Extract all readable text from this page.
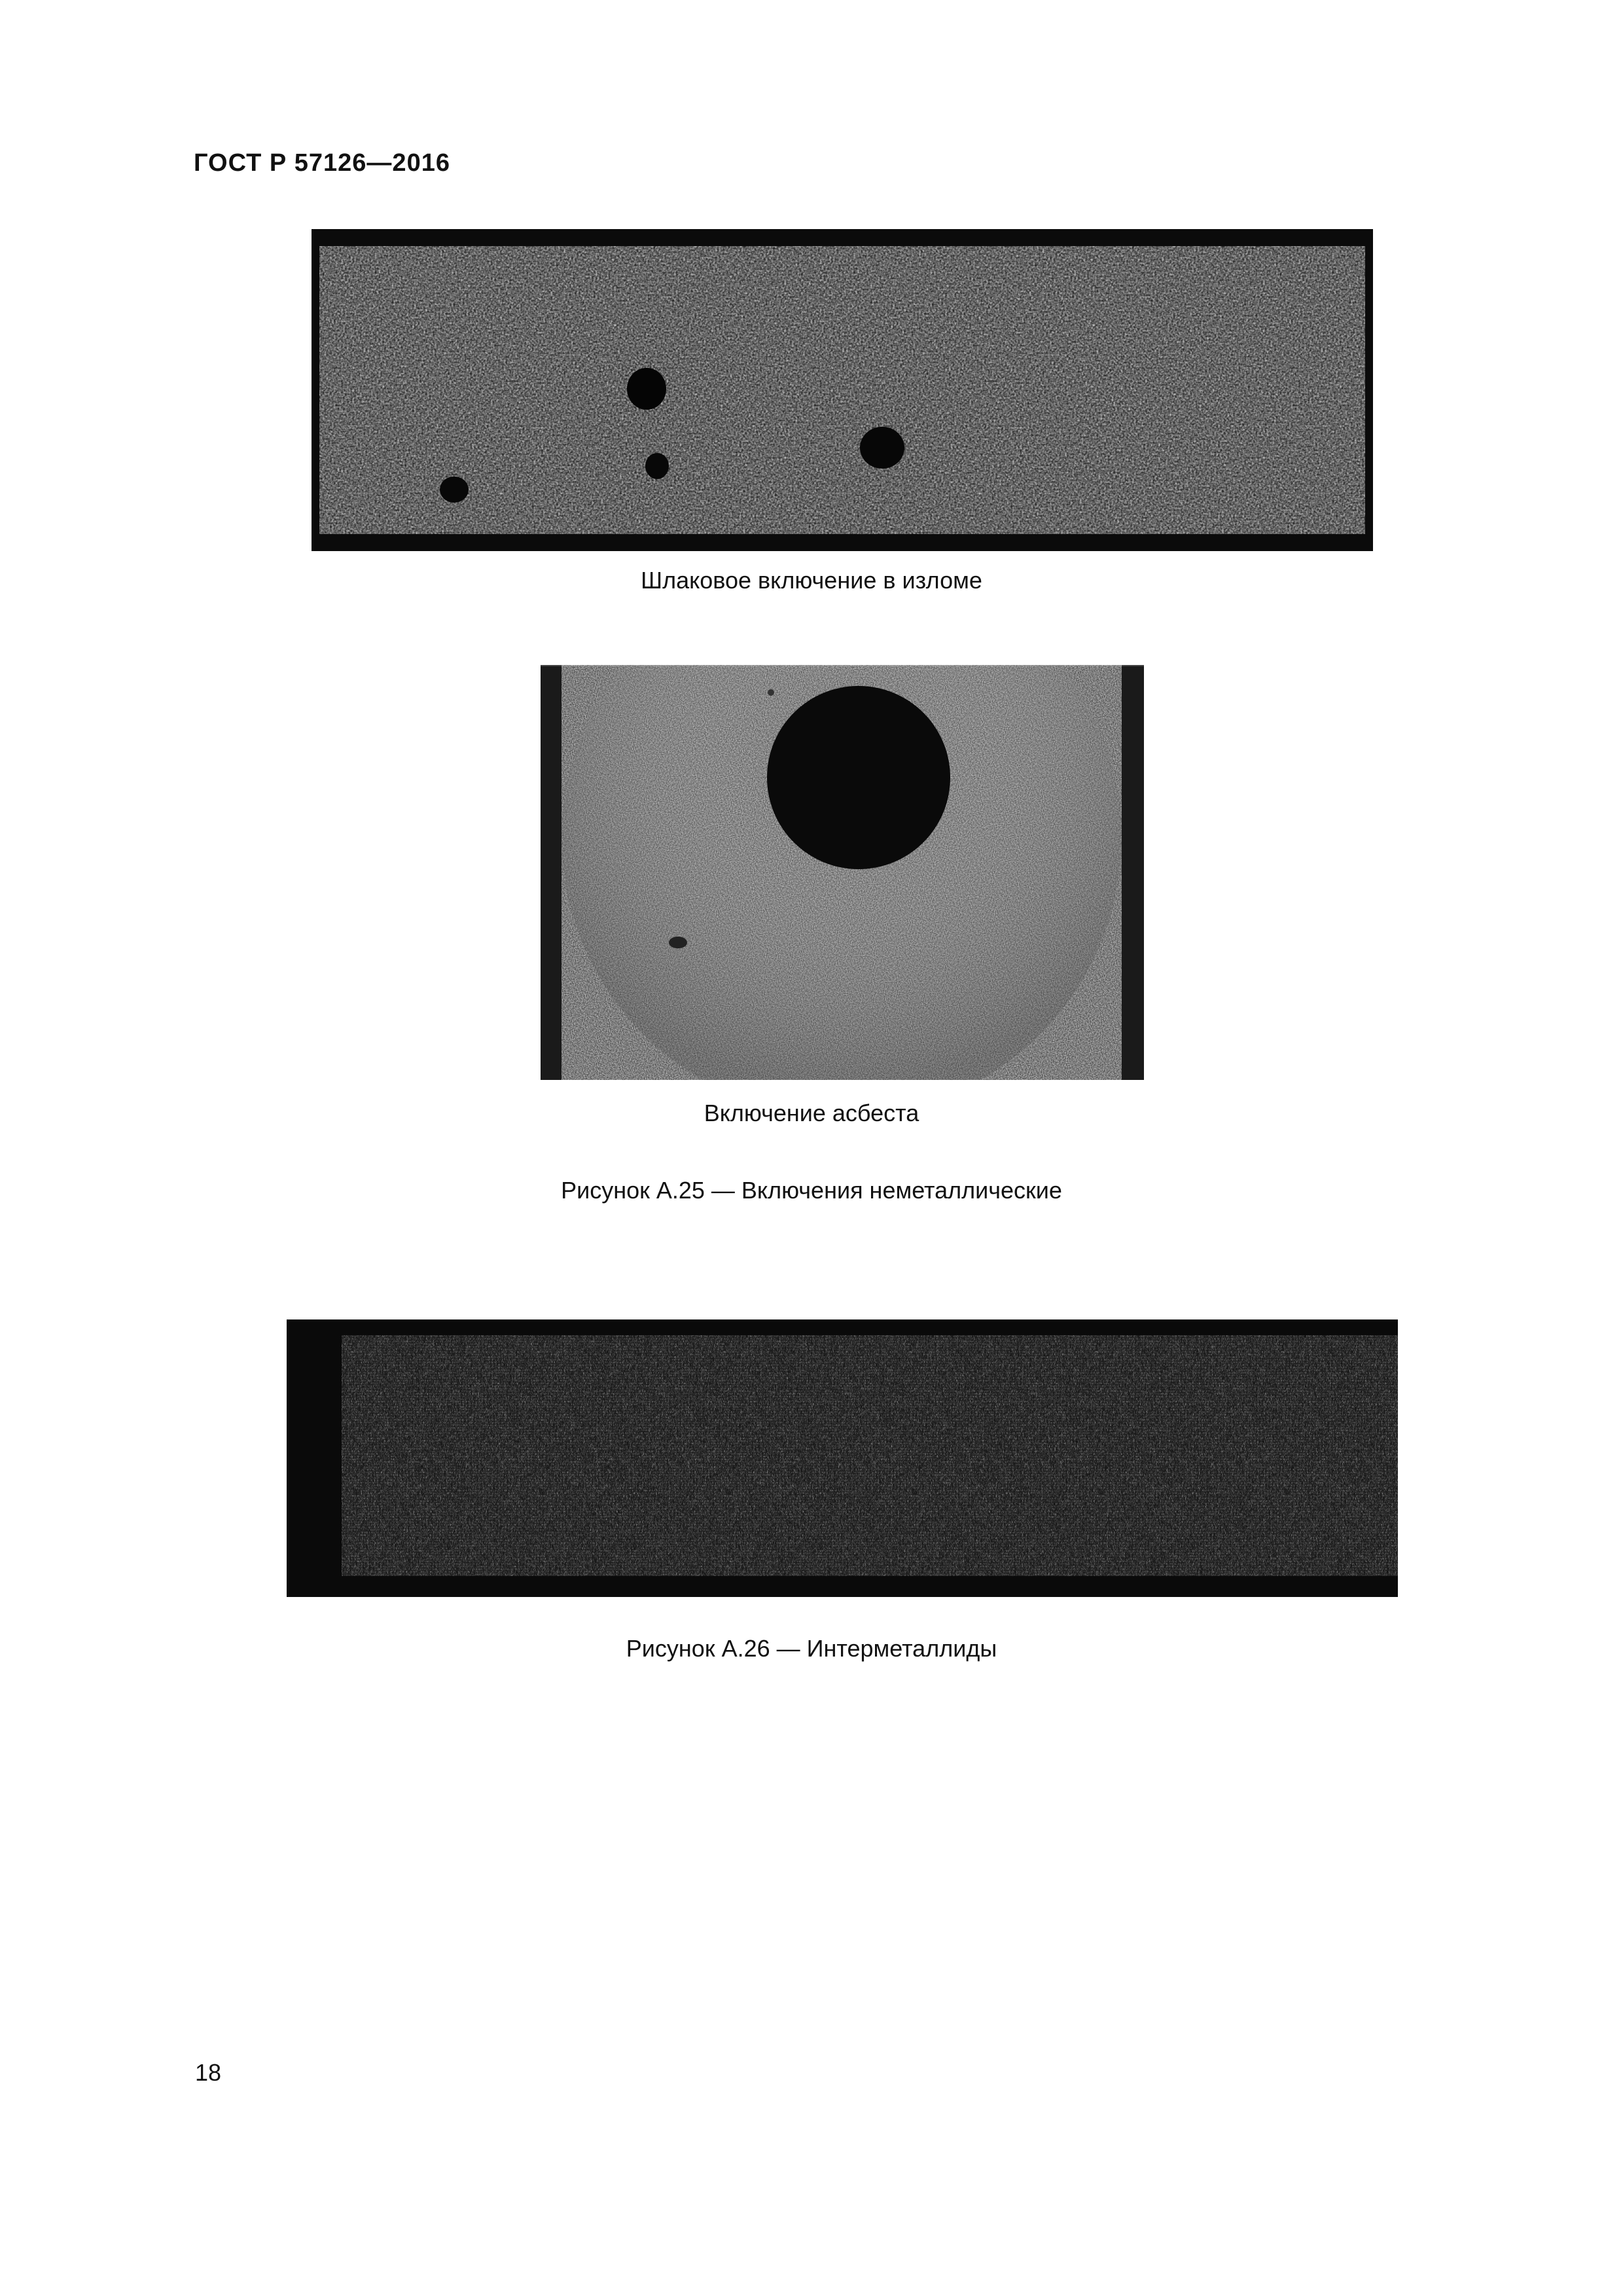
ГОСТ Р 57126—2016
Шлаковое включение в изломе
Включение асбеста
Рисунок А.25 — Включения неметаллические
Рисунок А.26 — Интерметаллиды
18
